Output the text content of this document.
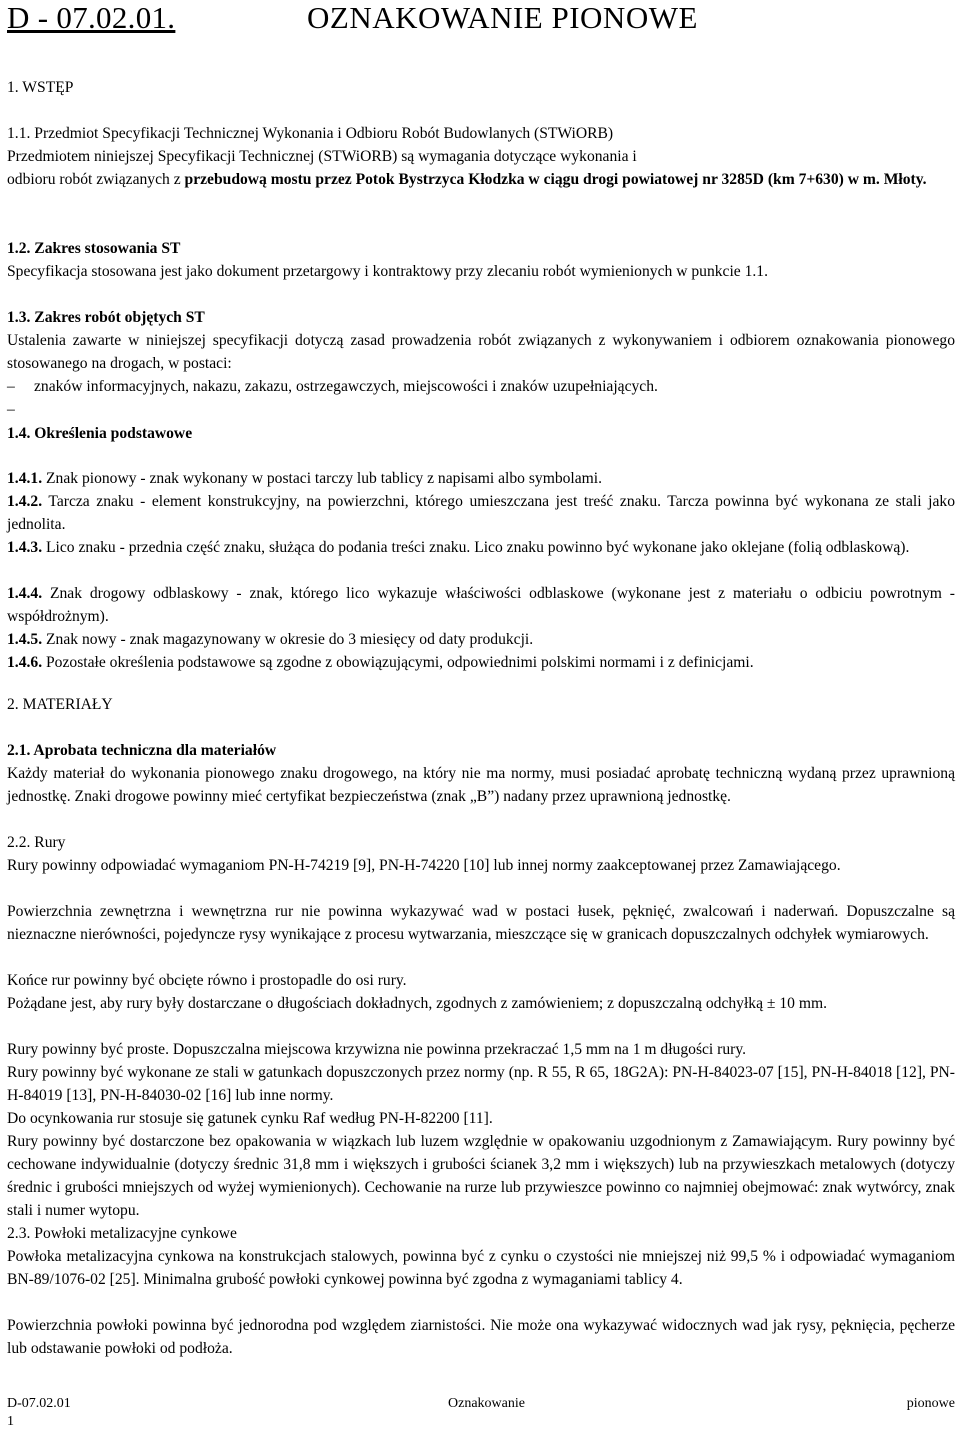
D - 07.02.01.	OZNAKOWANIE PIONOWE
1. WSTĘP
1.1. Przedmiot Specyfikacji Technicznej Wykonania i Odbioru Robót Budowlanych (STWiORB)
Przedmiotem niniejszej Specyfikacji Technicznej (STWiORB) są wymagania dotyczące wykonania i
odbioru robót związanych z przebudową mostu przez Potok Bystrzyca Kłodzka w ciągu drogi powiatowej nr 3285D (km 7+630) w m. Młoty.
1.2. Zakres stosowania ST
Specyfikacja stosowana jest jako dokument przetargowy i kontraktowy przy zlecaniu robót wymienionych w punkcie 1.1.
1.3. Zakres robót objętych ST
Ustalenia zawarte w niniejszej specyfikacji dotyczą zasad prowadzenia robót związanych z wykonywaniem i odbiorem oznakowania pionowego stosowanego na drogach, w postaci:
– znaków informacyjnych, nakazu, zakazu, ostrzegawczych, miejscowości i znaków uzupełniających.
–
1.4. Określenia podstawowe
1.4.1. Znak pionowy - znak wykonany w postaci tarczy lub tablicy z napisami albo symbolami.
1.4.2. Tarcza znaku - element konstrukcyjny, na powierzchni, którego umieszczana jest treść znaku. Tarcza powinna być wykonana ze stali jako jednolita.
1.4.3. Lico znaku - przednia część znaku, służąca do podania treści znaku. Lico znaku powinno być wykonane jako oklejane (folią odblaskową).
1.4.4. Znak drogowy odblaskowy - znak, którego lico wykazuje właściwości odblaskowe (wykonane jest z materiału o odbiciu powrotnym - współdrożnym).
1.4.5. Znak nowy - znak magazynowany w okresie do 3 miesięcy od daty produkcji.
1.4.6. Pozostałe określenia podstawowe są zgodne z obowiązującymi, odpowiednimi polskimi normami i z definicjami.
2. MATERIAŁY
2.1. Aprobata techniczna dla materiałów
Każdy materiał do wykonania pionowego znaku drogowego, na który nie ma normy, musi posiadać aprobatę techniczną wydaną przez uprawnioną jednostkę. Znaki drogowe powinny mieć certyfikat bezpieczeństwa (znak „B”) nadany przez uprawnioną jednostkę.
2.2. Rury
Rury powinny odpowiadać wymaganiom PN-H-74219 [9], PN-H-74220 [10] lub innej normy zaakceptowanej przez Zamawiającego.
Powierzchnia zewnętrzna i wewnętrzna rur nie powinna wykazywać wad w postaci łusek, pęknięć, zwalcowań i naderwań. Dopuszczalne są nieznaczne nierówności, pojedyncze rysy wynikające z procesu wytwarzania, mieszczące się w granicach dopuszczalnych odchyłek wymiarowych.
Końce rur powinny być obcięte równo i prostopadle do osi rury.
Pożądane jest, aby rury były dostarczane o długościach dokładnych, zgodnych z zamówieniem; z dopuszczalną odchyłką ± 10 mm.
Rury powinny być proste. Dopuszczalna miejscowa krzywizna nie powinna przekraczać 1,5 mm na 1 m długości rury.
Rury powinny być wykonane ze stali w gatunkach dopuszczonych przez normy (np. R 55, R 65, 18G2A): PN-H-84023-07 [15], PN-H-84018 [12], PN-H-84019 [13], PN-H-84030-02 [16] lub inne normy.
Do ocynkowania rur stosuje się gatunek cynku Raf według PN-H-82200 [11].
Rury powinny być dostarczone bez opakowania w wiązkach lub luzem względnie w opakowaniu uzgodnionym z Zamawiającym. Rury powinny być cechowane indywidualnie (dotyczy średnic 31,8 mm i większych i grubości ścianek 3,2 mm i większych) lub na przywieszkach metalowych (dotyczy średnic i grubości mniejszych od wyżej wymienionych). Cechowanie na rurze lub przywieszce powinno co najmniej obejmować: znak wytwórcy, znak stali i numer wytopu.
2.3. Powłoki metalizacyjne cynkowe
Powłoka metalizacyjna cynkowa na konstrukcjach stalowych, powinna być z cynku o czystości nie mniejszej niż 99,5 % i odpowiadać wymaganiom BN-89/1076-02 [25]. Minimalna grubość powłoki cynkowej powinna być zgodna z wymaganiami tablicy 4.
Powierzchnia powłoki powinna być jednorodna pod względem ziarnistości. Nie może ona wykazywać widocznych wad jak rysy, pęknięcia, pęcherze lub odstawanie powłoki od podłoża.
D-07.02.01	Oznakowanie	pionowe
1
